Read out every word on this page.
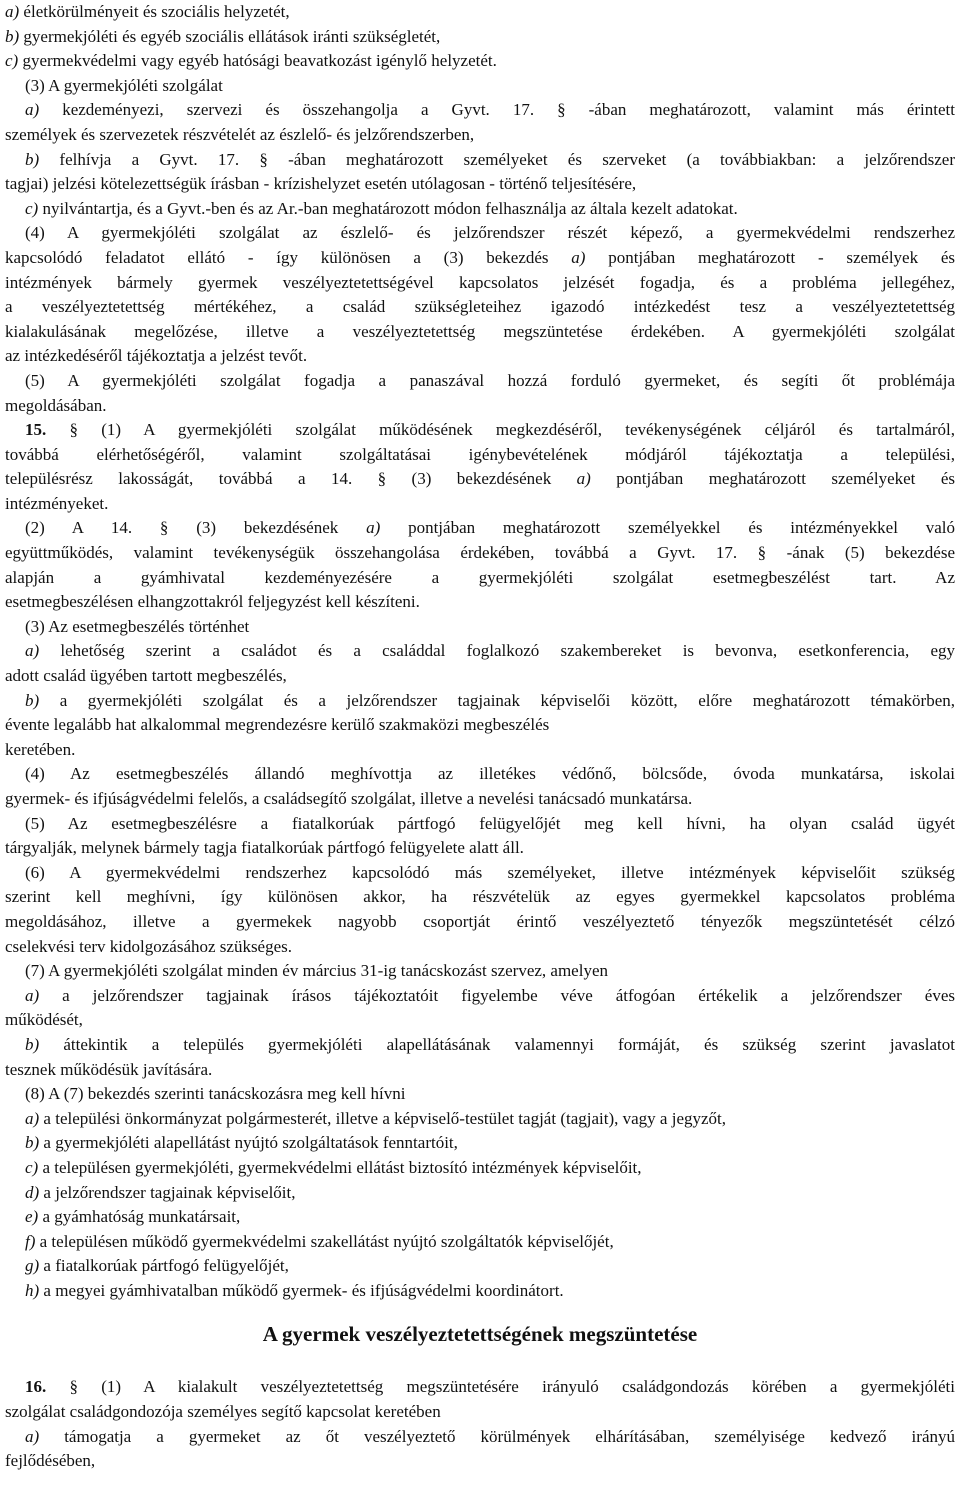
a) életkörülményeit és szociális helyzetét,
b) gyermekjóléti és egyéb szociális ellátások iránti szükségletét,
c) gyermekvédelmi vagy egyéb hatósági beavatkozást igénylő helyzetét.
(3) A gyermekjóléti szolgálat
a) kezdeményezi, szervezi és összehangolja a Gyvt. 17. § -ában meghatározott, valamint más érintett
személyek és szervezetek részvételét az észlelő- és jelzőrendszerben,
b) felhívja a Gyvt. 17. § -ában meghatározott személyeket és szerveket (a továbbiakban: a jelzőrendszer
tagjai) jelzési kötelezettségük írásban - krízishelyzet esetén utólagosan - történő teljesítésére,
c) nyilvántartja, és a Gyvt.-ben és az Ar.-ban meghatározott módon felhasználja az általa kezelt adatokat.
(4) A gyermekjóléti szolgálat az észlelő- és jelzőrendszer részét képező, a gyermekvédelmi rendszerhez
kapcsolódó feladatot ellátó - így különösen a (3) bekezdés a) pontjában meghatározott - személyek és
intézmények bármely gyermek veszélyeztetettségével kapcsolatos jelzését fogadja, és a probléma jellegéhez,
a veszélyeztetettség mértékéhez, a család szükségleteihez igazodó intézkedést tesz a veszélyeztetettség
kialakulásának megelőzése, illetve a veszélyeztetettség megszüntetése érdekében. A gyermekjóléti szolgálat
az intézkedéséről tájékoztatja a jelzést tevőt.
(5) A gyermekjóléti szolgálat fogadja a panaszával hozzá forduló gyermeket, és segíti őt problémája
megoldásában.
15. § (1) A gyermekjóléti szolgálat működésének megkezdéséről, tevékenységének céljáról és tartalmáról,
továbbá elérhetőségéről, valamint szolgáltatásai igénybevételének módjáról tájékoztatja a települési,
településrész lakosságát, továbbá a 14. § (3) bekezdésének a) pontjában meghatározott személyeket és
intézményeket.
(2) A 14. § (3) bekezdésének a) pontjában meghatározott személyekkel és intézményekkel való
együttműködés, valamint tevékenységük összehangolása érdekében, továbbá a Gyvt. 17. § -ának (5) bekezdése
alapján a gyámhivatal kezdeményezésére a gyermekjóléti szolgálat esetmegbeszélést tart. Az
esetmegbeszélésen elhangzottakról feljegyzést kell készíteni.
(3) Az esetmegbeszélés történhet
a) lehetőség szerint a családot és a családdal foglalkozó szakembereket is bevonva, esetkonferencia, egy
adott család ügyében tartott megbeszélés,
b) a gyermekjóléti szolgálat és a jelzőrendszer tagjainak képviselői között, előre meghatározott témakörben,
évente legalább hat alkalommal megrendezésre kerülő szakmaközi megbeszélés
keretében.
(4) Az esetmegbeszélés állandó meghívottja az illetékes védőnő, bölcsőde, óvoda munkatársa, iskolai
gyermek- és ifjúságvédelmi felelős, a családsegítő szolgálat, illetve a nevelési tanácsadó munkatársa.
(5) Az esetmegbeszélésre a fiatalkorúak pártfogó felügyelőjét meg kell hívni, ha olyan család ügyét
tárgyalják, melynek bármely tagja fiatalkorúak pártfogó felügyelete alatt áll.
(6) A gyermekvédelmi rendszerhez kapcsolódó más személyeket, illetve intézmények képviselőit szükség
szerint kell meghívni, így különösen akkor, ha részvételük az egyes gyermekkel kapcsolatos probléma
megoldásához, illetve a gyermekek nagyobb csoportját érintő veszélyeztető tényezők megszüntetését célzó
cselekvési terv kidolgozásához szükséges.
(7) A gyermekjóléti szolgálat minden év március 31-ig tanácskozást szervez, amelyen
a) a jelzőrendszer tagjainak írásos tájékoztatóit figyelembe véve átfogóan értékelik a jelzőrendszer éves
működését,
b) áttekintik a település gyermekjóléti alapellátásának valamennyi formáját, és szükség szerint javaslatot
tesznek működésük javítására.
(8) A (7) bekezdés szerinti tanácskozásra meg kell hívni
a) a települési önkormányzat polgármesterét, illetve a képviselő-testület tagját (tagjait), vagy a jegyzőt,
b) a gyermekjóléti alapellátást nyújtó szolgáltatások fenntartóit,
c) a településen gyermekjóléti, gyermekvédelmi ellátást biztosító intézmények képviselőit,
d) a jelzőrendszer tagjainak képviselőit,
e) a gyámhatóság munkatársait,
f) a településen működő gyermekvédelmi szakellátást nyújtó szolgáltatók képviselőjét,
g) a fiatalkorúak pártfogó felügyelőjét,
h) a megyei gyámhivatalban működő gyermek- és ifjúságvédelmi koordinátort.
A gyermek veszélyeztetettségének megszüntetése
16. § (1) A kialakult veszélyeztetettség megszüntetésére irányuló családgondozás körében a gyermekjóléti
szolgálat családgondozója személyes segítő kapcsolat keretében
a) támogatja a gyermeket az őt veszélyeztető körülmények elhárításában, személyisége kedvező irányú
fejlődésében,
